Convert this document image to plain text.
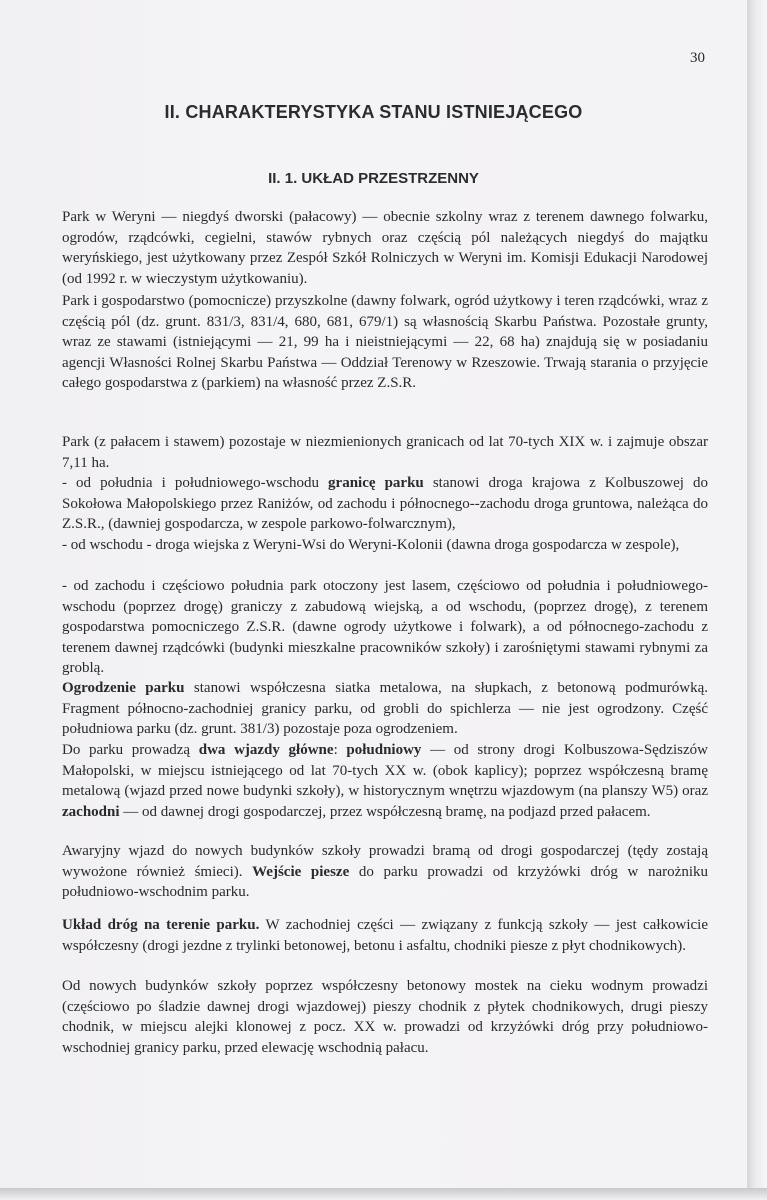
30
II. CHARAKTERYSTYKA STANU ISTNIEJĄCEGO
II. 1. UKŁAD PRZESTRZENNY

Park w Weryni — niegdyś dworski (pałacowy) — obecnie szkolny wraz z terenem dawnego folwarku, ogrodów, rządcówki, cegielni, stawów rybnych oraz częścią pól należących niegdyś do majątku weryńskiego, jest użytkowany przez Zespół Szkół Rolniczych w Weryni im. Komisji Edukacji Narodowej (od 1992 r. w wieczystym użytkowaniu).

Park i gospodarstwo (pomocnicze) przyszkolne (dawny folwark, ogród użytkowy i teren rządcówki, wraz z częścią pól (dz. grunt. 831/3, 831/4, 680, 681, 679/1) są własnością Skarbu Państwa. Pozostałe grunty, wraz ze stawami (istniejącymi — 21, 99 ha i nieistniejącymi — 22, 68 ha) znajdują się w posiadaniu agencji Własności Rolnej Skarbu Państwa — Oddział Terenowy w Rzeszowie. Trwają starania o przyjęcie całego gospodarstwa z (parkiem) na własność przez Z.S.R.

Park (z pałacem i stawem) pozostaje w niezmienionych granicach od lat 70-tych XIX w. i zajmuje obszar 7,11 ha.

- od południa i południowego-wschodu granicę parku stanowi droga krajowa z Kolbuszowej do Sokołowa Małopolskiego przez Raniżów, od zachodu i północnego--zachodu droga gruntowa, należąca do Z.S.R., (dawniej gospodarcza, w zespole parkowo-folwarcznym),

- od wschodu - droga wiejska z Weryni-Wsi do Weryni-Kolonii (dawna droga gospodarcza w zespole),

- od zachodu i częściowo południa park otoczony jest lasem, częściowo od południa i południowego-wschodu (poprzez drogę) graniczy z zabudową wiejską, a od wschodu, (poprzez drogę), z terenem gospodarstwa pomocniczego Z.S.R. (dawne ogrody użytkowe i folwark), a od północnego-zachodu z terenem dawnej rządcówki (budynki mieszkalne pracowników szkoły) i zarośniętymi stawami rybnymi za groblą.

Ogrodzenie parku stanowi współczesna siatka metalowa, na słupkach, z betonową podmurówką. Fragment północno-zachodniej granicy parku, od grobli do spichlerza — nie jest ogrodzony. Część południowa parku (dz. grunt. 381/3) pozostaje poza ogrodzeniem.

Do parku prowadzą dwa wjazdy główne: południowy — od strony drogi Kolbuszowa-Sędziszów Małopolski, w miejscu istniejącego od lat 70-tych XX w. (obok kaplicy); poprzez współczesną bramę metalową (wjazd przed nowe budynki szkoły), w historycznym wnętrzu wjazdowym (na planszy W5) oraz zachodni — od dawnej drogi gospodarczej, przez współczesną bramę, na podjazd przed pałacem.

Awaryjny wjazd do nowych budynków szkoły prowadzi bramą od drogi gospodarczej (tędy zostają wywożone również śmieci). Wejście piesze do parku prowadzi od krzyżówki dróg w narożniku południowo-wschodnim parku.

Układ dróg na terenie parku. W zachodniej części — związany z funkcją szkoły — jest całkowicie współczesny (drogi jezdne z trylinki betonowej, betonu i asfaltu, chodniki piesze z płyt chodnikowych).

Od nowych budynków szkoły poprzez współczesny betonowy mostek na cieku wodnym prowadzi (częściowo po śladzie dawnej drogi wjazdowej) pieszy chodnik z płytek chodnikowych, drugi pieszy chodnik, w miejscu alejki klonowej z pocz. XX w. prowadzi od krzyżówki dróg przy południowo-wschodniej granicy parku, przed elewację wschodnią pałacu.
